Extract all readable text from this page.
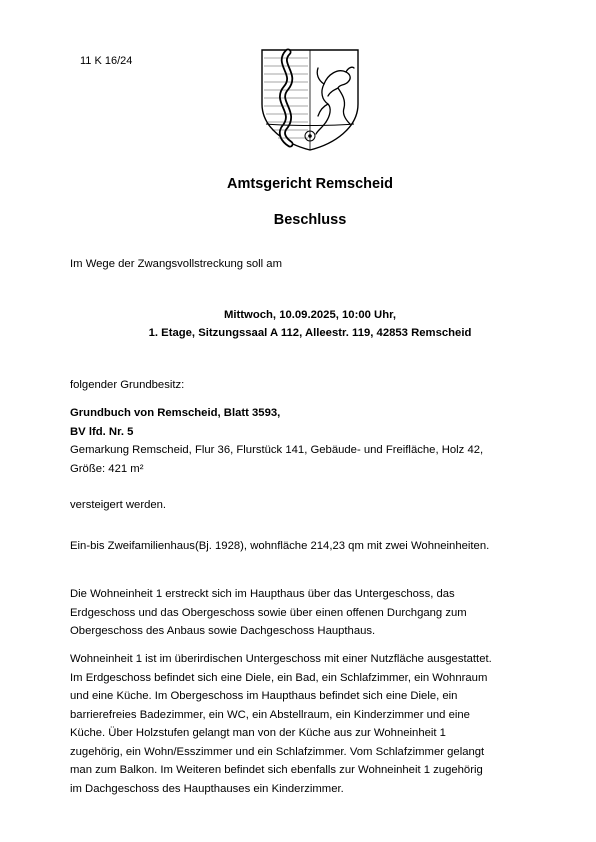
11 K 16/24
Amtsgericht Remscheid
Beschluss
Im Wege der Zwangsvollstreckung soll am
Mittwoch, 10.09.2025, 10:00 Uhr,
1. Etage, Sitzungssaal A 112, Alleestr. 119, 42853 Remscheid
folgender Grundbesitz:
Grundbuch von Remscheid, Blatt 3593,
BV lfd. Nr. 5
Gemarkung Remscheid, Flur 36, Flurstück 141, Gebäude- und Freifläche, Holz 42,
Größe: 421 m²
versteigert werden.
Ein-bis Zweifamilienhaus(Bj. 1928), wohnfläche 214,23 qm mit zwei Wohneinheiten.
Die Wohneinheit 1 erstreckt sich im Haupthaus über das Untergeschoss, das
Erdgeschoss und das Obergeschoss sowie über einen offenen Durchgang zum
Obergeschoss des Anbaus sowie Dachgeschoss Haupthaus.
Wohneinheit 1 ist im überirdischen Untergeschoss mit einer Nutzfläche ausgestattet.
Im Erdgeschoss befindet sich eine Diele, ein Bad, ein Schlafzimmer, ein Wohnraum
und eine Küche. Im Obergeschoss im Haupthaus befindet sich eine Diele, ein
barrierefreies Badezimmer, ein WC, ein Abstellraum, ein Kinderzimmer und eine
Küche. Über Holzstufen gelangt man von der Küche aus zur Wohneinheit 1
zugehörig, ein Wohn/Esszimmer und ein Schlafzimmer. Vom Schlafzimmer gelangt
man zum Balkon. Im Weiteren befindet sich ebenfalls zur Wohneinheit 1 zugehörig
im Dachgeschoss des Haupthauses ein Kinderzimmer.
